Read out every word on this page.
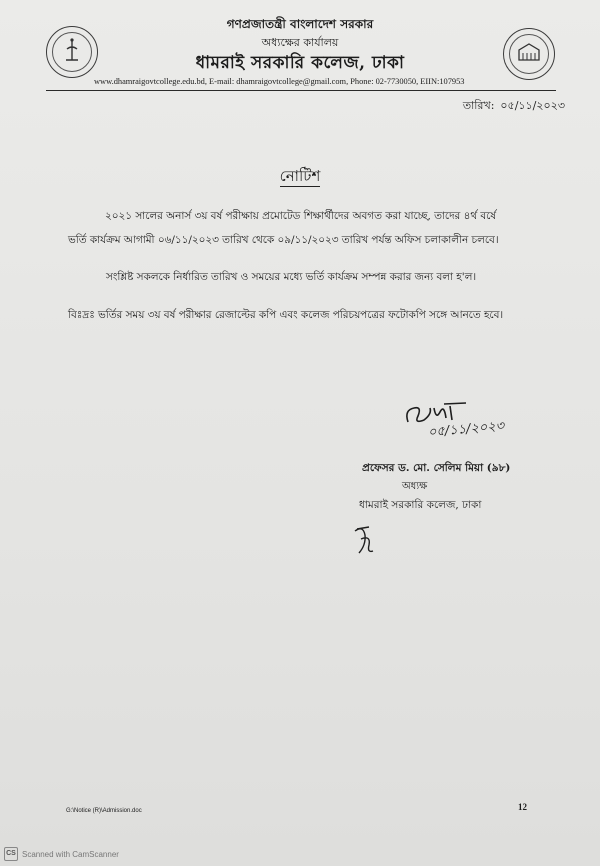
গণপ্রজাতন্ত্রী বাংলাদেশ সরকার
অধ্যক্ষের কার্যালয়
ধামরাই সরকারি কলেজ, ঢাকা
www.dhamraigovtcollege.edu.bd, E-mail: dhamraigovtcollege@gmail.com, Phone: 02-7730050, EIIN:107953
তারিখ: ০৫/১১/২০২৩
নোটিশ
২০২১ সালের অনার্স ৩য় বর্ষ পরীক্ষায় প্রমোটেড শিক্ষার্থীদের অবগত করা যাচ্ছে, তাদের ৪র্থ বর্ষে
ভর্তি কার্যক্রম আগামী ০৬/১১/২০২৩ তারিখ থেকে ০৯/১১/২০২৩ তারিখ পর্যন্ত অফিস চলাকালীন চলবে।
সংশ্লিষ্ট সকলকে নির্ধারিত তারিখ ও সময়ের মধ্যে ভর্তি কার্যক্রম সম্পন্ন করার জন্য বলা হ'ল।
বিঃদ্রঃ ভর্তির সময় ৩য় বর্ষ পরীক্ষার রেজাল্টের কপি এবং কলেজ পরিচয়পত্রের ফটোকপি সঙ্গে আনতে হবে।
০৫/১১/২০২৩
প্রফেসর ড. মো. সেলিম মিয়া (৯৮)
অধ্যক্ষ
ধামরাই সরকারি কলেজ, ঢাকা
G:\Notice (R)\Admission.doc	12
CS Scanned with CamScanner
